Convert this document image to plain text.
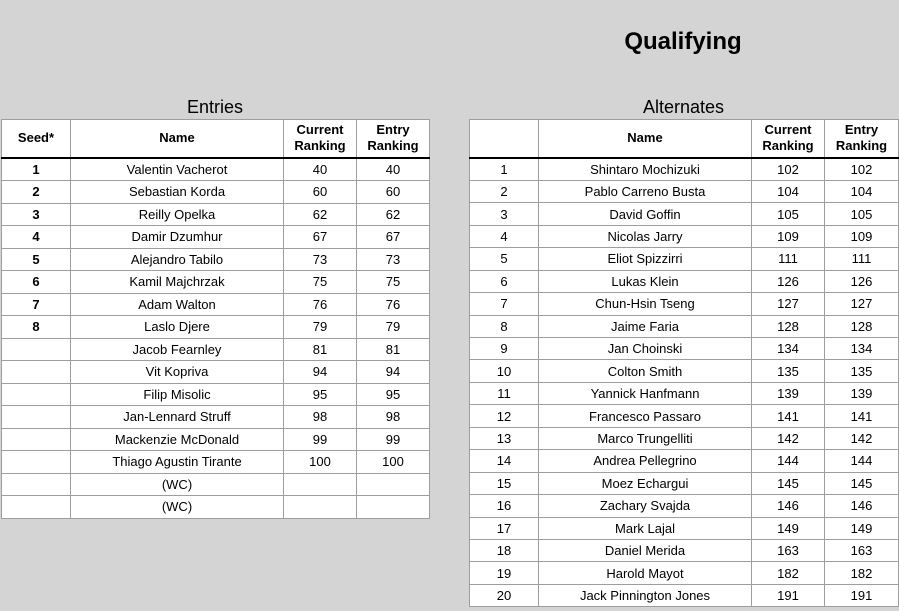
Qualifying
Entries	Alternates
Seed*	Name	Current Ranking	Entry Ranking
1	Valentin Vacherot	40	40
2	Sebastian Korda	60	60
3	Reilly Opelka	62	62
4	Damir Dzumhur	67	67
5	Alejandro Tabilo	73	73
6	Kamil Majchrzak	75	75
7	Adam Walton	76	76
8	Laslo Djere	79	79
	Jacob Fearnley	81	81
	Vit Kopriva	94	94
	Filip Misolic	95	95
	Jan-Lennard Struff	98	98
	Mackenzie McDonald	99	99
	Thiago Agustin Tirante	100	100
	(WC)		
	(WC)		
	Name	Current Ranking	Entry Ranking
1	Shintaro Mochizuki	102	102
2	Pablo Carreno Busta	104	104
3	David Goffin	105	105
4	Nicolas Jarry	109	109
5	Eliot Spizzirri	111	111
6	Lukas Klein	126	126
7	Chun-Hsin Tseng	127	127
8	Jaime Faria	128	128
9	Jan Choinski	134	134
10	Colton Smith	135	135
11	Yannick Hanfmann	139	139
12	Francesco Passaro	141	141
13	Marco Trungelliti	142	142
14	Andrea Pellegrino	144	144
15	Moez Echargui	145	145
16	Zachary Svajda	146	146
17	Mark Lajal	149	149
18	Daniel Merida	163	163
19	Harold Mayot	182	182
20	Jack Pinnington Jones	191	191
